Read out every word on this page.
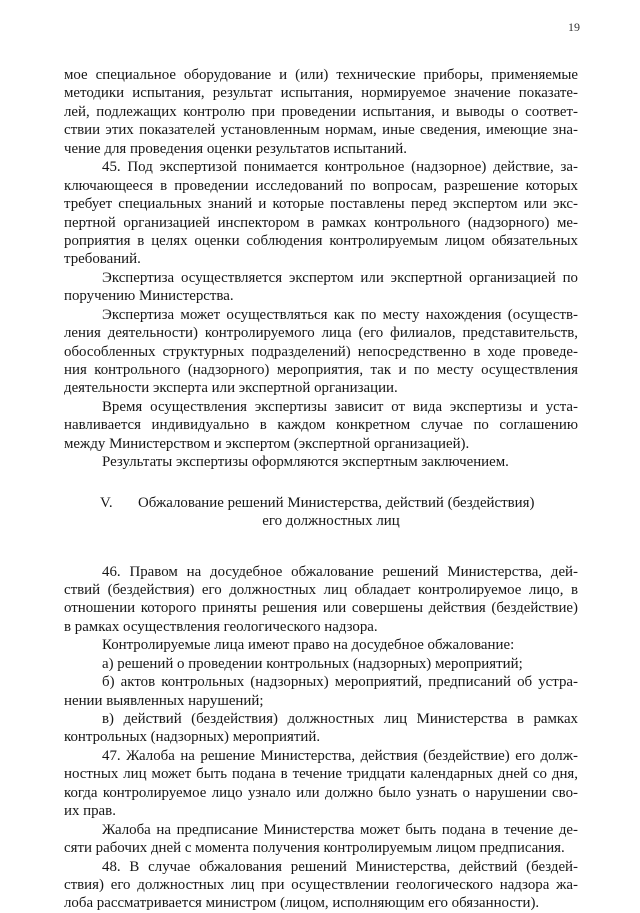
19
мое специальное оборудование и (или) технические приборы, применяемые
методики испытания, результат испытания, нормируемое значение показате-
лей, подлежащих контролю при проведении испытания, и выводы о соответ-
ствии этих показателей установленным нормам, иные сведения, имеющие зна-
чение для проведения оценки результатов испытаний.
45. Под экспертизой понимается контрольное (надзорное) действие, за-
ключающееся в проведении исследований по вопросам, разрешение которых
требует специальных знаний и которые поставлены перед экспертом или экс-
пертной организацией инспектором в рамках контрольного (надзорного) ме-
роприятия в целях оценки соблюдения контролируемым лицом обязательных
требований.
Экспертиза осуществляется экспертом или экспертной организацией по
поручению Министерства.
Экспертиза может осуществляться как по месту нахождения (осуществ-
ления деятельности) контролируемого лица (его филиалов, представительств,
обособленных структурных подразделений) непосредственно в ходе проведе-
ния контрольного (надзорного) мероприятия, так и по месту осуществления
деятельности эксперта или экспертной организации.
Время осуществления экспертизы зависит от вида экспертизы и уста-
навливается индивидуально в каждом конкретном случае по соглашению
между Министерством и экспертом (экспертной организацией).
Результаты экспертизы оформляются экспертным заключением.
V. Обжалование решений Министерства, действий (бездействия)
его должностных лиц
46. Правом на досудебное обжалование решений Министерства, дей-
ствий (бездействия) его должностных лиц обладает контролируемое лицо, в
отношении которого приняты решения или совершены действия (бездействие)
в рамках осуществления геологического надзора.
Контролируемые лица имеют право на досудебное обжалование:
а) решений о проведении контрольных (надзорных) мероприятий;
б) актов контрольных (надзорных) мероприятий, предписаний об устра-
нении выявленных нарушений;
в) действий (бездействия) должностных лиц Министерства в рамках
контрольных (надзорных) мероприятий.
47. Жалоба на решение Министерства, действия (бездействие) его долж-
ностных лиц может быть подана в течение тридцати календарных дней со дня,
когда контролируемое лицо узнало или должно было узнать о нарушении сво-
их прав.
Жалоба на предписание Министерства может быть подана в течение де-
сяти рабочих дней с момента получения контролируемым лицом предписания.
48. В случае обжалования решений Министерства, действий (бездей-
ствия) его должностных лиц при осуществлении геологического надзора жа-
лоба рассматривается министром (лицом, исполняющим его обязанности).
